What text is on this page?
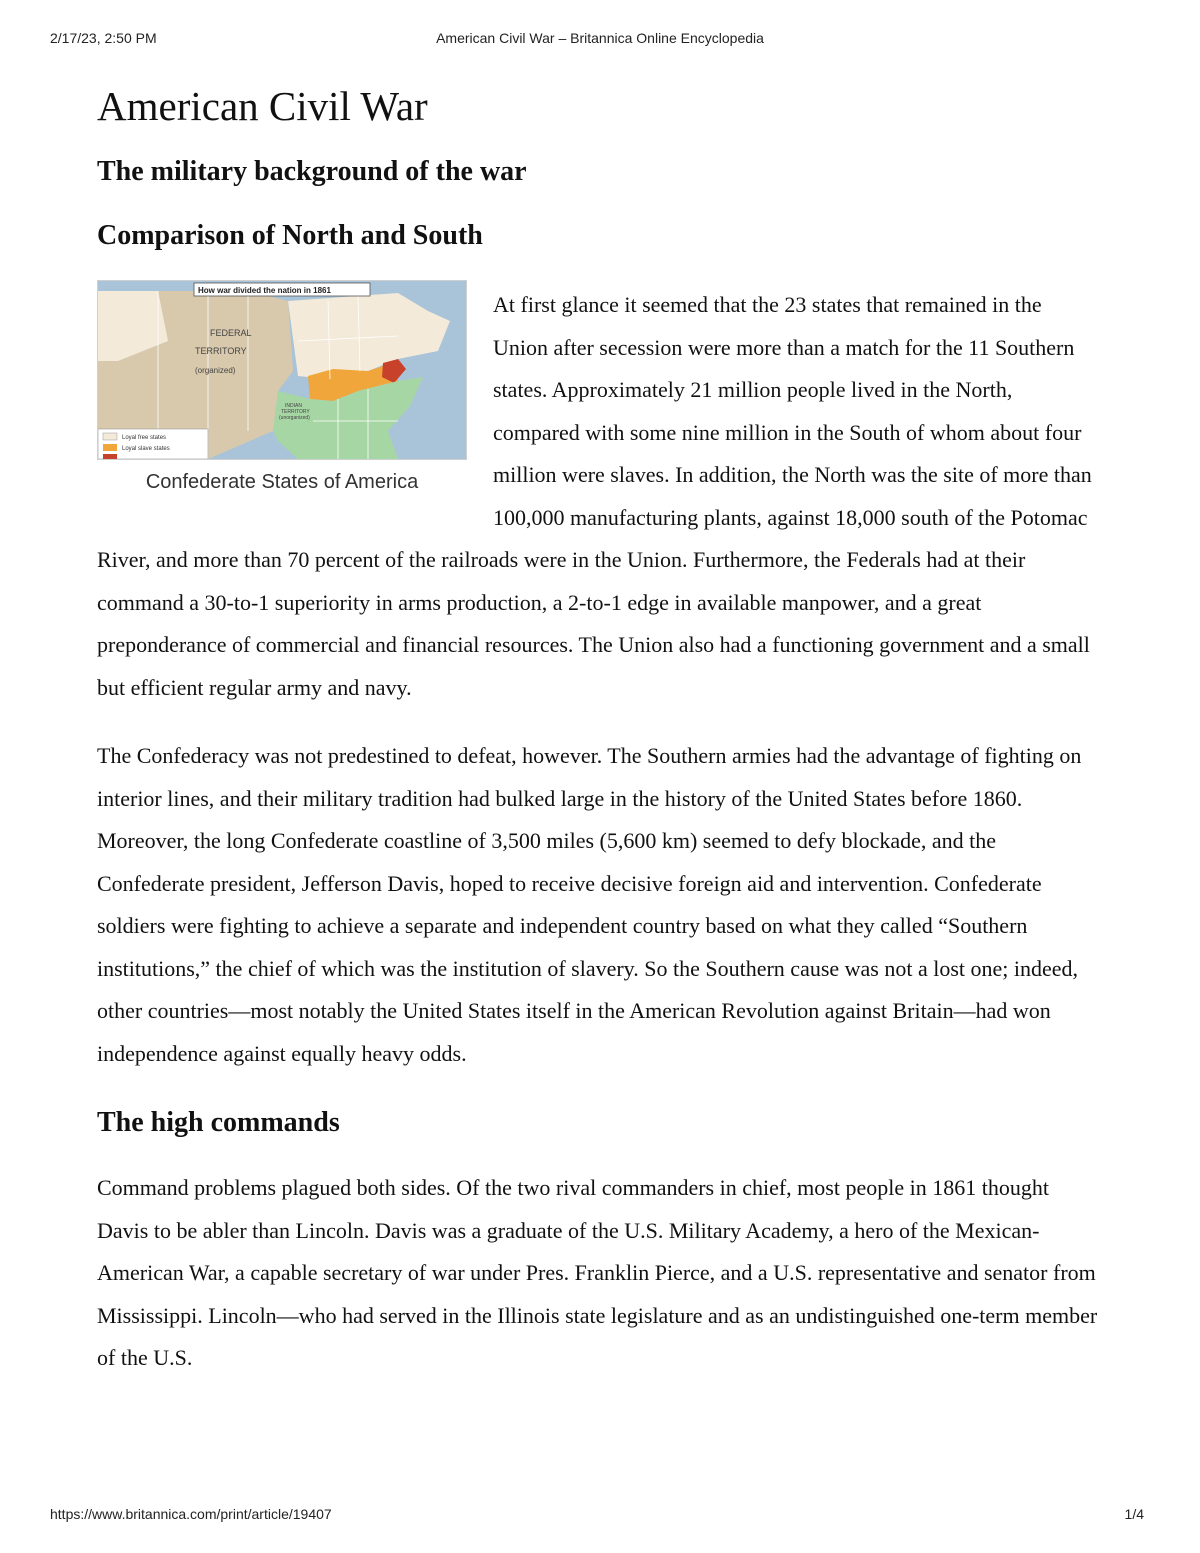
2/17/23, 2:50 PM	American Civil War – Britannica Online Encyclopedia
American Civil War
The military background of the war
Comparison of North and South
How war divided the nation in 1861
FEDERAL
TERRITORY
(organized)
INDIAN
TERRITORY
(unorganized)
Loyal free states
Loyal slave states
Confederate States of America

At first glance it seemed that the 23 states that remained in the Union after secession were more than a match for the 11 Southern states. Approximately 21 million people lived in the North, compared with some nine million in the South of whom about four million were slaves. In addition, the North was the site of more than 100,000 manufacturing plants, against 18,000 south of the Potomac River, and more than 70 percent of the railroads were in the Union. Furthermore, the Federals had at their command a 30-to-1 superiority in arms production, a 2-to-1 edge in available manpower, and a great preponderance of commercial and financial resources. The Union also had a functioning government and a small but efficient regular army and navy.

The Confederacy was not predestined to defeat, however. The Southern armies had the advantage of fighting on interior lines, and their military tradition had bulked large in the history of the United States before 1860. Moreover, the long Confederate coastline of 3,500 miles (5,600 km) seemed to defy blockade, and the Confederate president, Jefferson Davis, hoped to receive decisive foreign aid and intervention. Confederate soldiers were fighting to achieve a separate and independent country based on what they called “Southern institutions,” the chief of which was the institution of slavery. So the Southern cause was not a lost one; indeed, other countries—most notably the United States itself in the American Revolution against Britain—had won independence against equally heavy odds.

The high commands

Command problems plagued both sides. Of the two rival commanders in chief, most people in 1861 thought Davis to be abler than Lincoln. Davis was a graduate of the U.S. Military Academy, a hero of the Mexican-American War, a capable secretary of war under Pres. Franklin Pierce, and a U.S. representative and senator from Mississippi. Lincoln—who had served in the Illinois state legislature and as an undistinguished one-term member of the U.S.

https://www.britannica.com/print/article/19407	1/4
